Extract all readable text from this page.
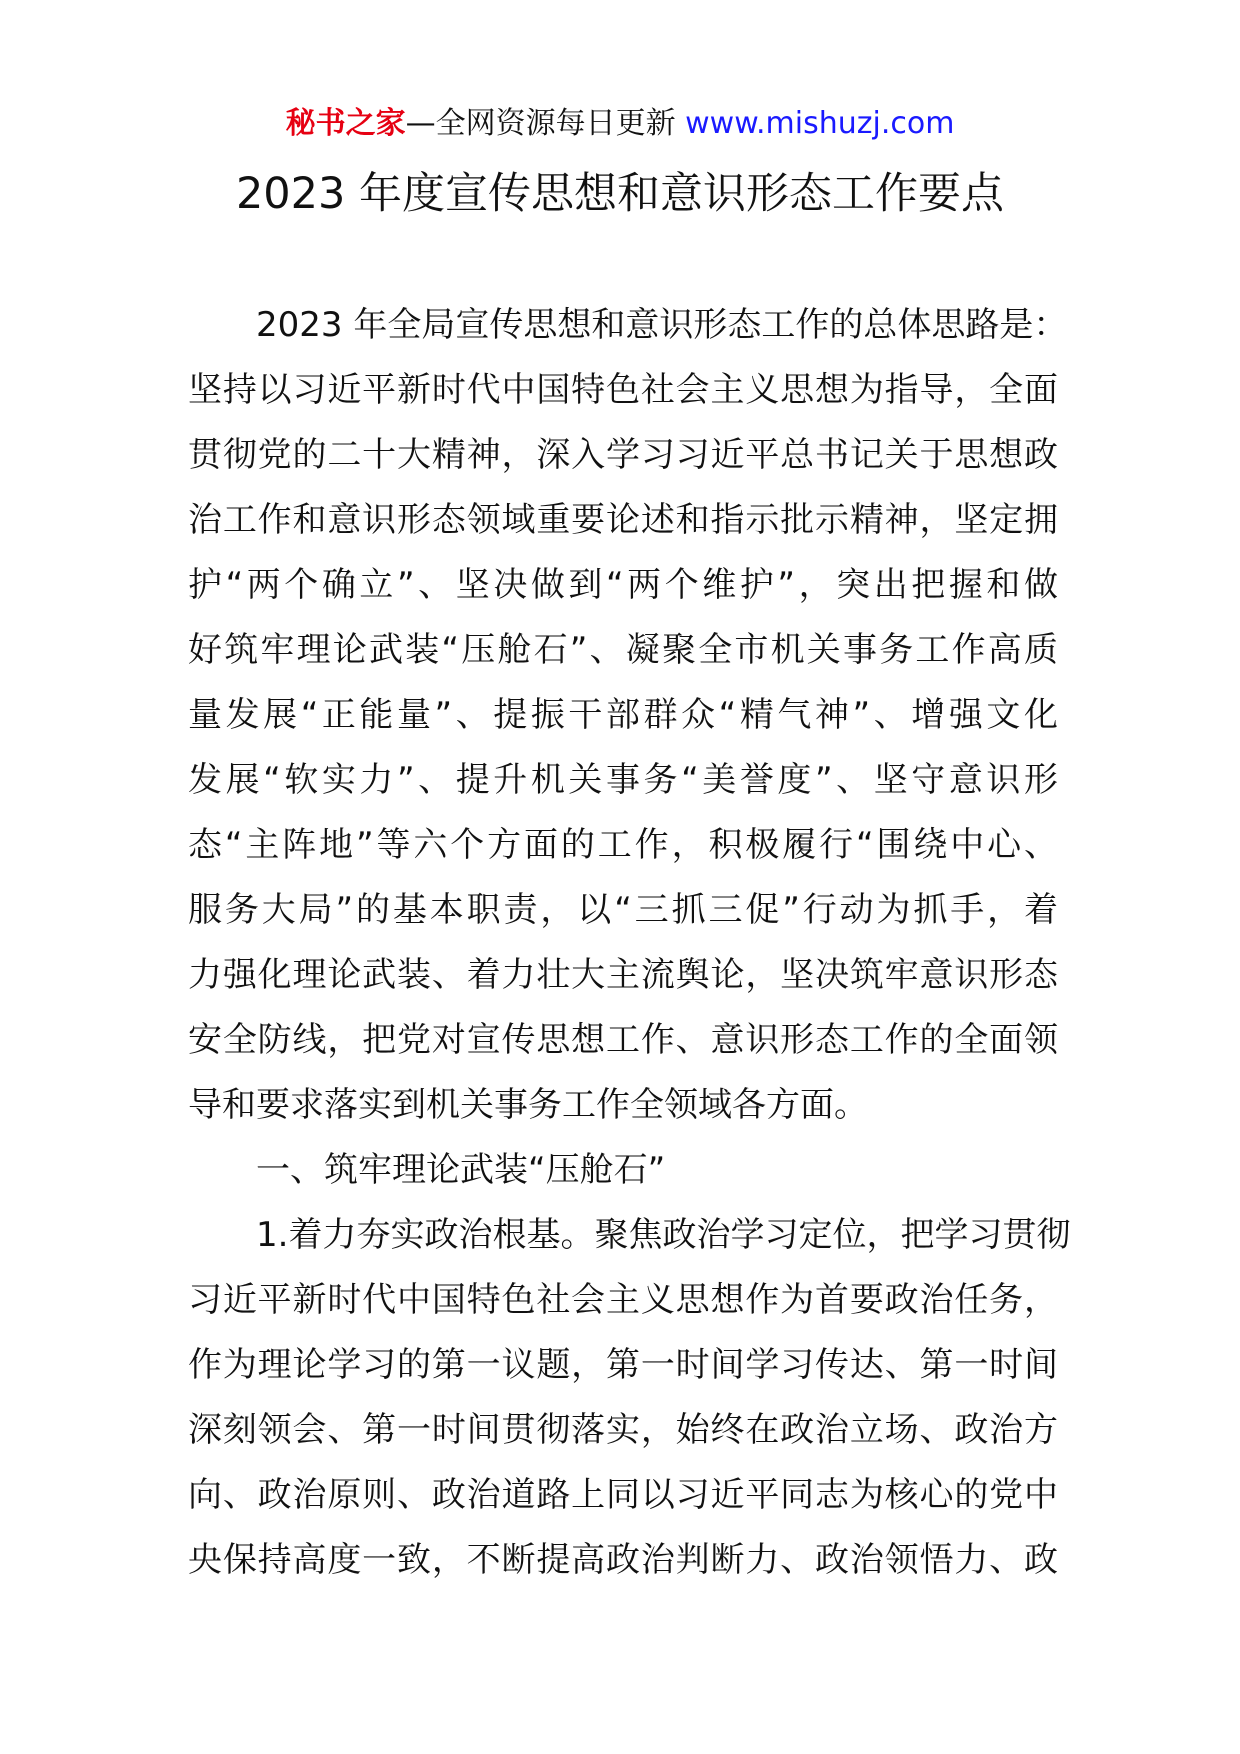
秘书之家—全网资源每日更新 www.mishuzj.com
2023 年度宣传思想和意识形态工作要点
2023 年全局宣传思想和意识形态工作的总体思路是：
坚持以习近平新时代中国特色社会主义思想为指导，全面
贯彻党的二十大精神，深入学习习近平总书记关于思想政
治工作和意识形态领域重要论述和指示批示精神，坚定拥
护“两个确立”、坚决做到“两个维护”，突出把握和做
好筑牢理论武装“压舱石”、凝聚全市机关事务工作高质
量发展“正能量”、提振干部群众“精气神”、增强文化
发展“软实力”、提升机关事务“美誉度”、坚守意识形
态“主阵地”等六个方面的工作，积极履行“围绕中心、
服务大局”的基本职责，以“三抓三促”行动为抓手，着
力强化理论武装、着力壮大主流舆论，坚决筑牢意识形态
安全防线，把党对宣传思想工作、意识形态工作的全面领
导和要求落实到机关事务工作全领域各方面。
一、筑牢理论武装“压舱石”
1.着力夯实政治根基。聚焦政治学习定位，把学习贯彻
习近平新时代中国特色社会主义思想作为首要政治任务，
作为理论学习的第一议题，第一时间学习传达、第一时间
深刻领会、第一时间贯彻落实，始终在政治立场、政治方
向、政治原则、政治道路上同以习近平同志为核心的党中
央保持高度一致，不断提高政治判断力、政治领悟力、政
